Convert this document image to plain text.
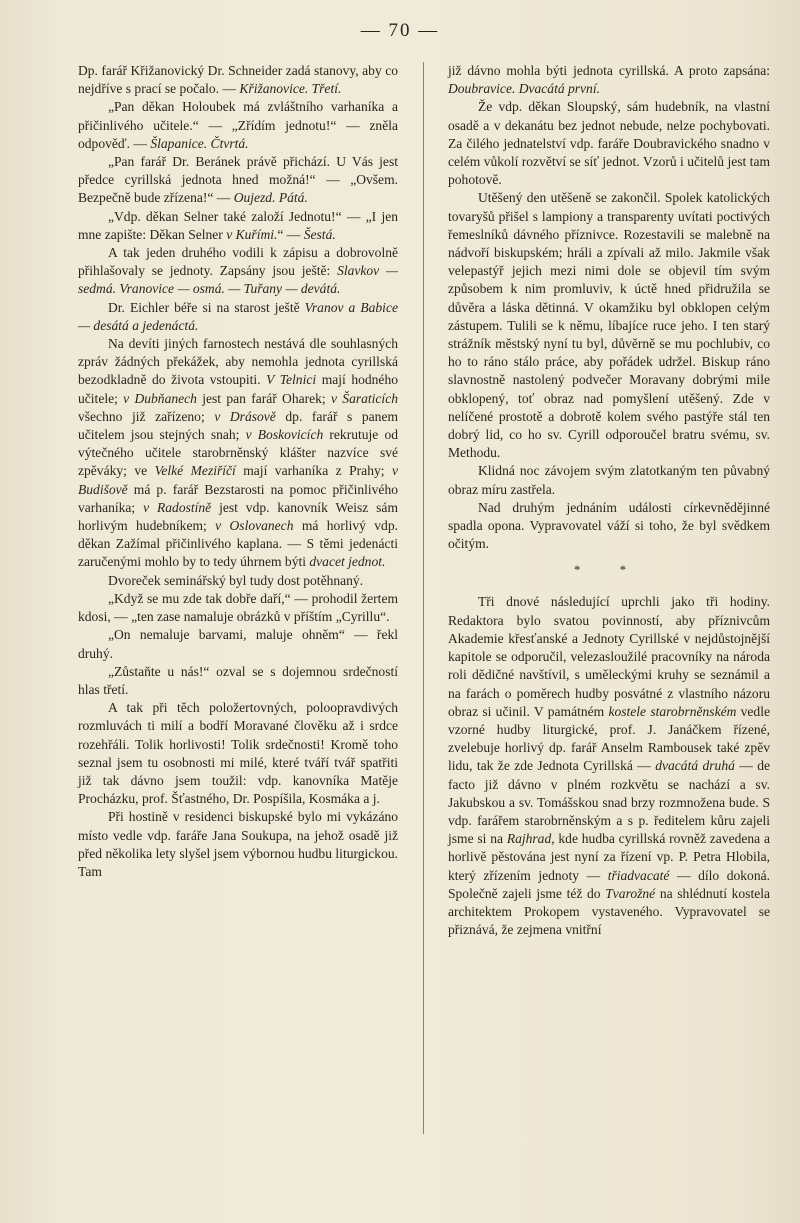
— 70 —

Dp. farář Křižanovický Dr. Schneider zadá stanovy, aby co nejdříve s prací se počalo. — Křižanovice. Třetí.

„Pan děkan Holoubek má zvláštního varhaníka a přičinlivého učitele.“ — „Zřídím jednotu!“ — zněla odpověď. — Šlapanice. Čtvrtá.

„Pan farář Dr. Beránek právě přichází. U Vás jest předce cyrillská jednota hned možná!“ — „Ovšem. Bezpečně bude zřízena!“ — Oujezd. Pátá.

„Vdp. děkan Selner také založí Jednotu!“ — „I jen mne zapište: Děkan Selner v Kuřími.“ — Šestá.

A tak jeden druhého vodili k zápisu a dobrovolně přihlašovaly se jednoty. Zapsány jsou ještě: Slavkov — sedmá. Vranovice — osmá. — Tuřany — devátá.

Dr. Eichler béře si na starost ještě Vranov a Babice — desátá a jedenáctá.

Na devíti jiných farnostech nestává dle souhlasných zpráv žádných překážek, aby nemohla jednota cyrillská bezodkladně do života vstoupiti. V Telnici mají hodného učitele; v Dubňanech jest pan farář Oharek; v Šaraticích všechno již zařízeno; v Drásově dp. farář s panem učitelem jsou stejných snah; v Boskovicích rekrutuje od výtečného učitele starobrněnský klášter nazvíce své zpěváky; ve Velké Meziříčí mají varhaníka z Prahy; v Budišově má p. farář Bezstarosti na pomoc přičinlivého varhaníka; v Radostíně jest vdp. kanovník Weisz sám horlivým hudebníkem; v Oslovanech má horlivý vdp. děkan Zažímal přičinlivého kaplana. — S těmi jedenácti zaručenými mohlo by to tedy úhrnem býti dvacet jednot.

Dvoreček seminářský byl tudy dost potěhnaný.

„Když se mu zde tak dobře daří,“ — prohodil žertem kdosi, — „ten zase namaluje obrázků v příštím „Cyrillu“.

„On nemaluje barvami, maluje ohněm“ — řekl druhý.

„Zůstaňte u nás!“ ozval se s dojemnou srdečností hlas třetí.

A tak při těch položertovných, poloopravdivých rozmluvách ti milí a bodří Moravané člověku až i srdce rozehřáli. Tolik horlivosti! Tolik srdečnosti! Kromě toho seznal jsem tu osobnosti mi milé, které tváří tvář spatřiti již tak dávno jsem toužil: vdp. kanovníka Matěje Procházku, prof. Šťastného, Dr. Pospíšila, Kosmáka a j.

Při hostině v residenci biskupské bylo mi vykázáno místo vedle vdp. faráře Jana Soukupa, na jehož osadě již před několika lety slyšel jsem výbornou hudbu liturgickou. Tam

již dávno mohla býti jednota cyrillská. A proto zapsána: Doubravice. Dvacátá první.

Že vdp. děkan Sloupský, sám hudebník, na vlastní osadě a v dekanátu bez jednot nebude, nelze pochybovati. Za čilého jednatelství vdp. faráře Doubravického snadno v celém vůkolí rozvětví se síť jednot. Vzorů i učitelů jest tam pohotově.

Utěšený den utěšeně se zakončil. Spolek katolických tovaryšů přišel s lampiony a transparenty uvítati poctivých řemeslníků dávného příznivce. Rozestavili se malebně na nádvoří biskupském; hráli a zpívali až milo. Jakmile však velepastýř jejich mezi nimi dole se objevil tím svým způsobem k nim promluviv, k úctě hned přidružila se důvěra a láska dětinná. V okamžiku byl obklopen celým zástupem. Tulili se k němu, líbajíce ruce jeho. I ten starý strážník městský nyní tu byl, důvěrně se mu pochlubiv, co ho to ráno stálo práce, aby pořádek udržel. Biskup ráno slavnostně nastolený podvečer Moravany dobrými mile obklopený, toť obraz nad pomyšlení utěšený. Zde v nelíčené prostotě a dobrotě kolem svého pastýře stál ten dobrý lid, co ho sv. Cyrill odporoučel bratru svému, sv. Methodu.

Klidná noc závojem svým zlatotkaným ten půvabný obraz míru zastřela.

Nad druhým jednáním události církevnědějinné spadla opona. Vypravovatel váží si toho, že byl svědkem očitým.

* *

Tři dnové následující uprchli jako tři hodiny. Redaktora bylo svatou povinností, aby příznivcům Akademie křesťanské a Jednoty Cyrillské v nejdůstojnější kapitole se odporučil, velezasloužilé pracovníky na národa roli dědičné navštívil, s uměleckými kruhy se seznámil a na farách o poměrech hudby posvátné z vlastního názoru obraz si učinil. V památném kostele starobrněnském vedle vzorné hudby liturgické, prof. J. Janáčkem řízené, zvelebuje horlivý dp. farář Anselm Rambousek také zpěv lidu, tak že zde Jednota Cyrillská — dvacátá druhá — de facto již dávno v plném rozkvětu se nachází a sv. Jakubskou a sv. Tomášskou snad brzy rozmnožena bude. S vdp. farářem starobrněnským a s p. ředitelem kůru zajeli jsme si na Rajhrad, kde hudba cyrillská rovněž zavedena a horlivě pěstována jest nyní za řízení vp. P. Petra Hlobila, který zřízením jednoty — třiadvacaté — dílo dokoná. Společně zajeli jsme též do Tvarožné na shlédnutí kostela architektem Prokopem vystaveného. Vypravovatel se přiznává, že zejmena vnitřní
